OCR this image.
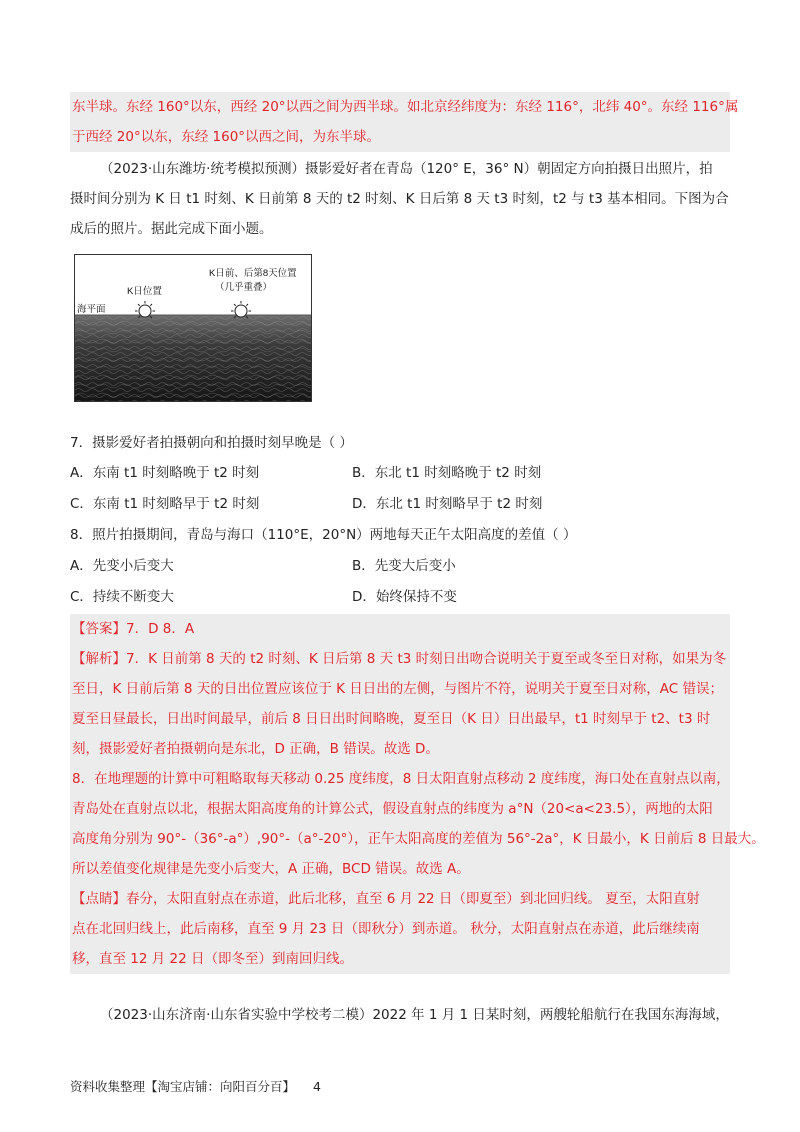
东半球。东经 160°以东，西经 20°以西之间为西半球。如北京经纬度为：东经 116°，北纬 40°。东经 116°属

于西经 20°以东，东经 160°以西之间，为东半球。

（2023·山东潍坊·统考模拟预测）摄影爱好者在青岛（120° E，36° N）朝固定方向拍摄日出照片，拍

摄时间分别为 K 日 t1 时刻、K 日前第 8 天的 t2 时刻、K 日后第 8 天 t3 时刻，t2 与 t3 基本相同。下图为合

成后的照片。据此完成下面小题。

K日位置
K日前、后第8天位置
（几乎重叠）
海平面
7．摄影爱好者拍摄朝向和拍摄时刻早晚是（ ）
A．东南 t1 时刻略晚于 t2 时刻	B．东北 t1 时刻略晚于 t2 时刻
C．东南 t1 时刻略早于 t2 时刻	D．东北 t1 时刻略早于 t2 时刻
8．照片拍摄期间，青岛与海口（110°E，20°N）两地每天正午太阳高度的差值（ ）
A．先变小后变大	B．先变大后变小
C．持续不断变大	D．始终保持不变

【答案】7．D 8．A

【解析】7．K 日前第 8 天的 t2 时刻、K 日后第 8 天 t3 时刻日出吻合说明关于夏至或冬至日对称，如果为冬

至日，K 日前后第 8 天的日出位置应该位于 K 日日出的左侧，与图片不符，说明关于夏至日对称，AC 错误；

夏至日昼最长，日出时间最早，前后 8 日日出时间略晚，夏至日（K 日）日出最早，t1 时刻早于 t2、t3 时

刻，摄影爱好者拍摄朝向是东北，D 正确，B 错误。故选 D。

8．在地理题的计算中可粗略取每天移动 0.25 度纬度，8 日太阳直射点移动 2 度纬度，海口处在直射点以南，

青岛处在直射点以北，根据太阳高度角的计算公式，假设直射点的纬度为 a°N（20<a<23.5），两地的太阳

高度角分别为 90°-（36°-a°）,90°-（a°-20°），正午太阳高度的差值为 56°-2a°，K 日最小，K 日前后 8 日最大。

所以差值变化规律是先变小后变大，A 正确，BCD 错误。故选 A。

【点睛】春分，太阳直射点在赤道，此后北移，直至 6 月 22 日（即夏至）到北回归线。 夏至，太阳直射

点在北回归线上，此后南移，直至 9 月 23 日（即秋分）到赤道。 秋分，太阳直射点在赤道，此后继续南

移，直至 12 月 22 日（即冬至）到南回归线。

（2023·山东济南·山东省实验中学校考二模）2022 年 1 月 1 日某时刻，两艘轮船航行在我国东海海域，

资料收集整理【淘宝店铺：向阳百分百】 4
